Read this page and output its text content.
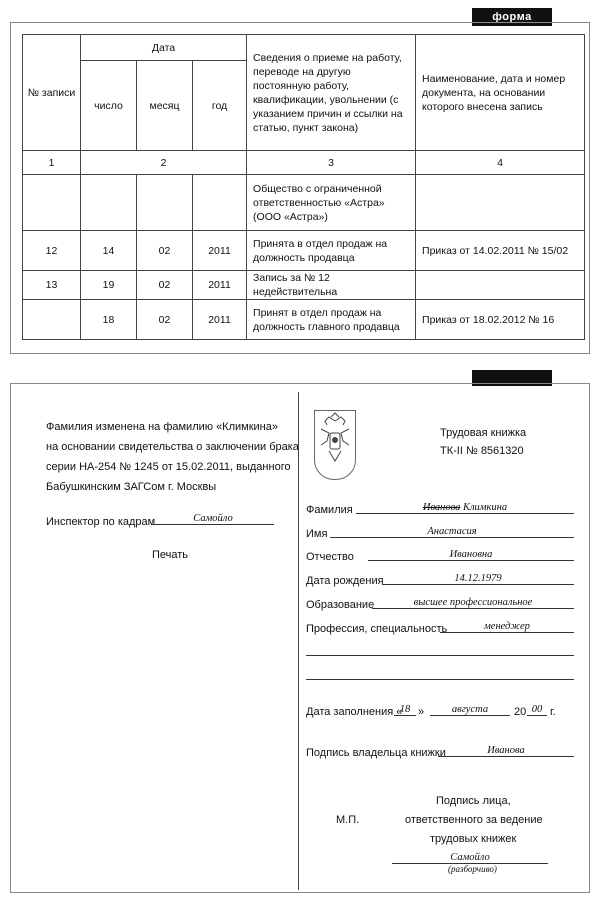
форма
№ записи	Дата			Сведения о приеме на работу, переводе на другую постоянную работу, квалификации, увольнении (с указанием причин и ссылки на статью, пункт закона)	Наименование, дата и номер документа, на основании которого внесена запись
	число	месяц	год		
1	2			3	4
				Общество с ограниченной ответственностью «Астра» (ООО «Астра»)	
12	14	02	2011	Принята в отдел продаж на должность продавца	Приказ от 14.02.2011 № 15/02
13	19	02	2011	Запись за № 12 недействительна	
	18	02	2011	Принят в отдел продаж на должность главного продавца	Приказ от 18.02.2012 № 16
Фамилия изменена на фамилию «Климкина»
на основании свидетельства о заключении брака
серии НА-254 № 1245 от 15.02.2011, выданного
Бабушкинским ЗАГСом г. Москвы
Инспектор по кадрам	Самойло
Печать
Трудовая книжка
ТК-II № 8561320
Фамилия	Иванова Климкина
Имя	Анастасия
Отчество	Ивановна
Дата рождения	14.12.1979
Образование	высшее профессиональное
Профессия, специальность	менеджер
Дата заполнения «
18 »	августа	20 00 г.
Подпись владельца книжки	Иванова
Подпись лица,
ответственного за ведение
трудовых книжек
М.П.
Самойло
(разборчиво)
